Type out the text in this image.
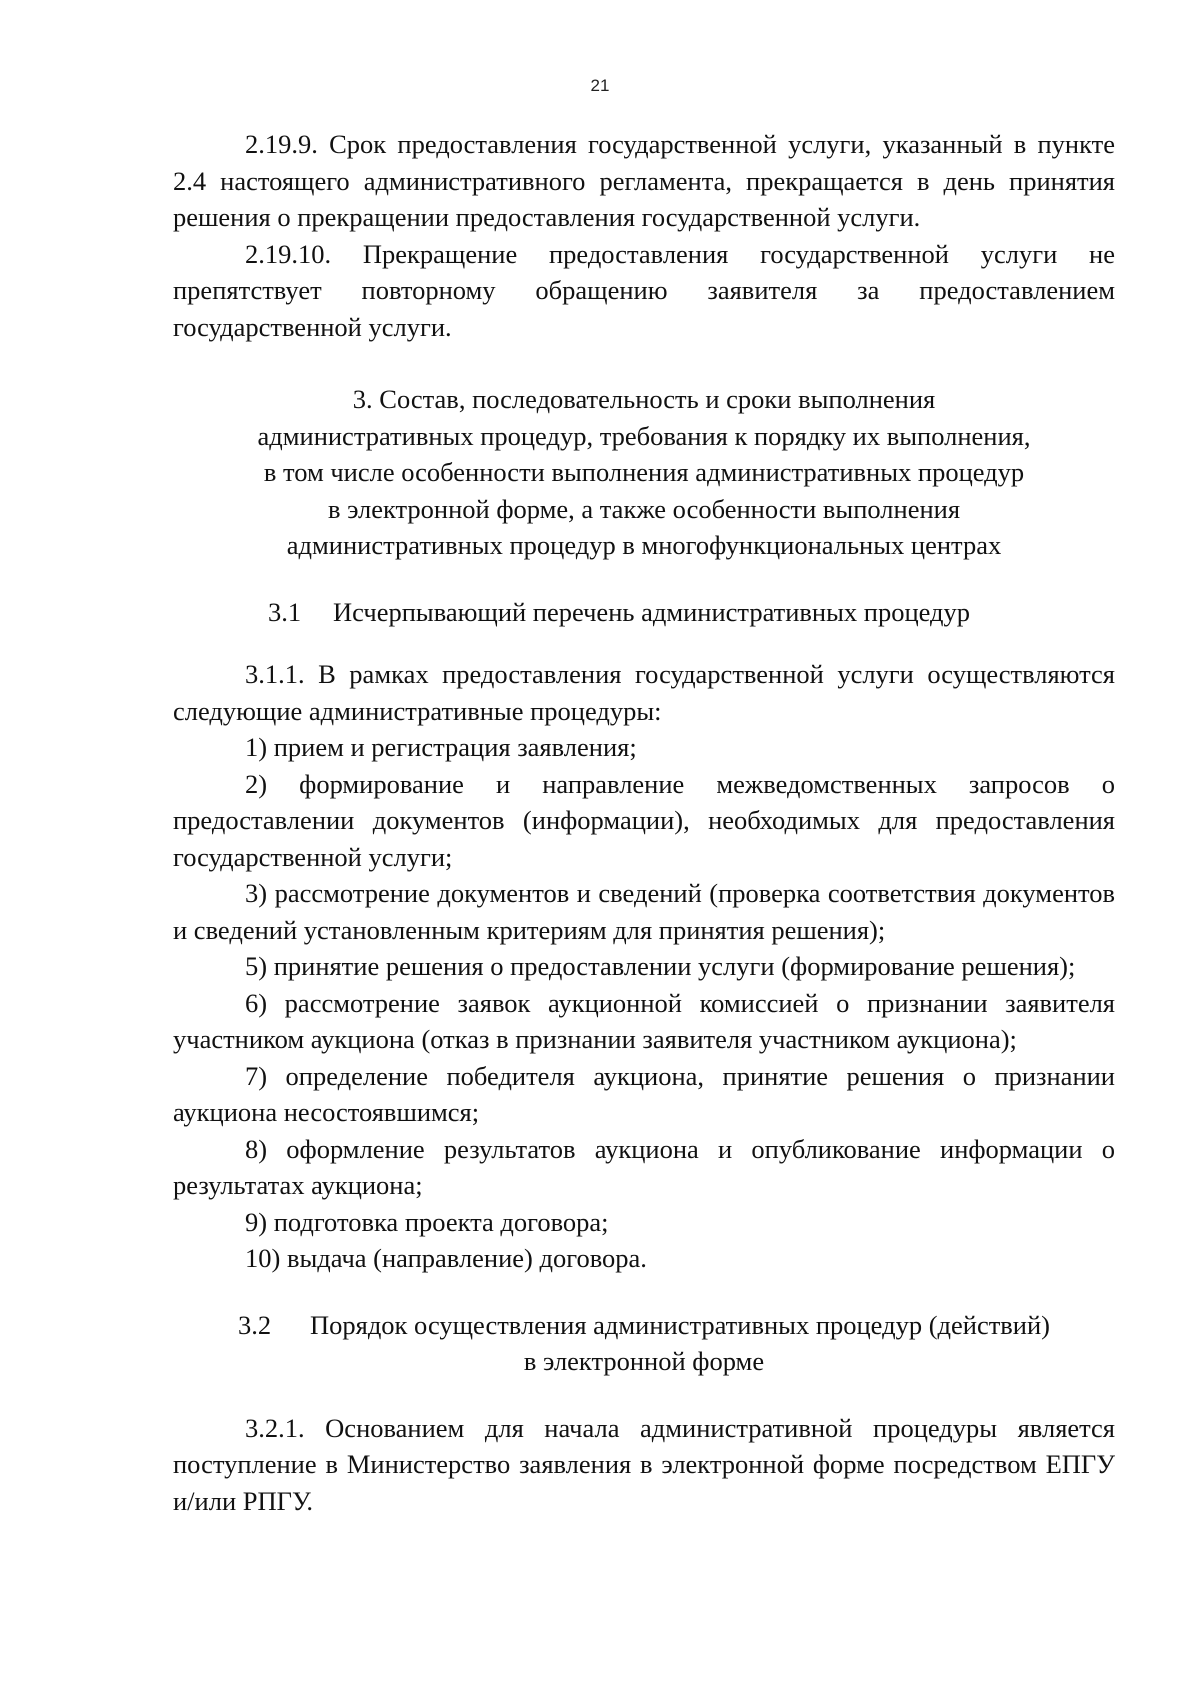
21

2.19.9. Срок предоставления государственной услуги, указанный в пункте 2.4 настоящего административного регламента, прекращается в день принятия решения о прекращении предоставления государственной услуги.

2.19.10. Прекращение предоставления государственной услуги не препятствует повторному обращению заявителя за предоставлением государственной услуги.

3. Состав, последовательность и сроки выполнения

административных процедур, требования к порядку их выполнения,

в том числе особенности выполнения административных процедур

в электронной форме, а также особенности выполнения

административных процедур в многофункциональных центрах

3.1 Исчерпывающий перечень административных процедур

3.1.1. В рамках предоставления государственной услуги осуществляются следующие административные процедуры:

1) прием и регистрация заявления;

2) формирование и направление межведомственных запросов о предоставлении документов (информации), необходимых для предоставления государственной услуги;

3) рассмотрение документов и сведений (проверка соответствия документов и сведений установленным критериям для принятия решения);

5) принятие решения о предоставлении услуги (формирование решения);

6) рассмотрение заявок аукционной комиссией о признании заявителя участником аукциона (отказ в признании заявителя участником аукциона);

7) определение победителя аукциона, принятие решения о признании аукциона несостоявшимся;

8) оформление результатов аукциона и опубликование информации о результатах аукциона;

9) подготовка проекта договора;

10) выдача (направление) договора.

3.2 Порядок осуществления административных процедур (действий)

в электронной форме

3.2.1. Основанием для начала административной процедуры является поступление в Министерство заявления в электронной форме посредством ЕПГУ и/или РПГУ.
